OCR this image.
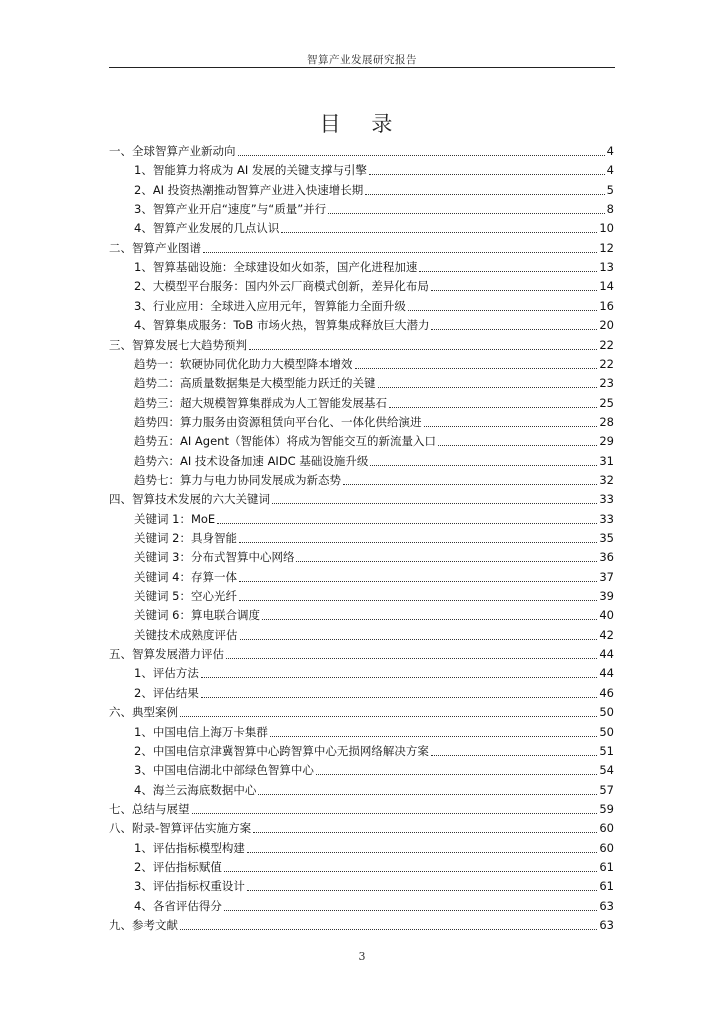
智算产业发展研究报告
目 录
一、全球智算产业新动向	4
1、智能算力将成为 AI 发展的关键支撑与引擎	4
2、AI 投资热潮推动智算产业进入快速增长期	5
3、智算产业开启“速度”与“质量”并行	8
4、智算产业发展的几点认识	10
二、智算产业图谱	12
1、智算基础设施：全球建设如火如荼，国产化进程加速	13
2、大模型平台服务：国内外云厂商模式创新，差异化布局	14
3、行业应用：全球进入应用元年，智算能力全面升级	16
4、智算集成服务：ToB 市场火热，智算集成释放巨大潜力	20
三、智算发展七大趋势预判	22
趋势一：软硬协同优化助力大模型降本增效	22
趋势二：高质量数据集是大模型能力跃迁的关键	23
趋势三：超大规模智算集群成为人工智能发展基石	25
趋势四：算力服务由资源租赁向平台化、一体化供给演进	28
趋势五：AI Agent（智能体）将成为智能交互的新流量入口	29
趋势六：AI 技术设备加速 AIDC 基础设施升级	31
趋势七：算力与电力协同发展成为新态势	32
四、智算技术发展的六大关键词	33
关键词 1：MoE	33
关键词 2：具身智能	35
关键词 3：分布式智算中心网络	36
关键词 4：存算一体	37
关键词 5：空心光纤	39
关键词 6：算电联合调度	40
关键技术成熟度评估	42
五、智算发展潜力评估	44
1、评估方法	44
2、评估结果	46
六、典型案例	50
1、中国电信上海万卡集群	50
2、中国电信京津冀智算中心跨智算中心无损网络解决方案	51
3、中国电信湖北中部绿色智算中心	54
4、海兰云海底数据中心	57
七、总结与展望	59
八、附录-智算评估实施方案	60
1、评估指标模型构建	60
2、评估指标赋值	61
3、评估指标权重设计	61
4、各省评估得分	63
九、参考文献	63
3
